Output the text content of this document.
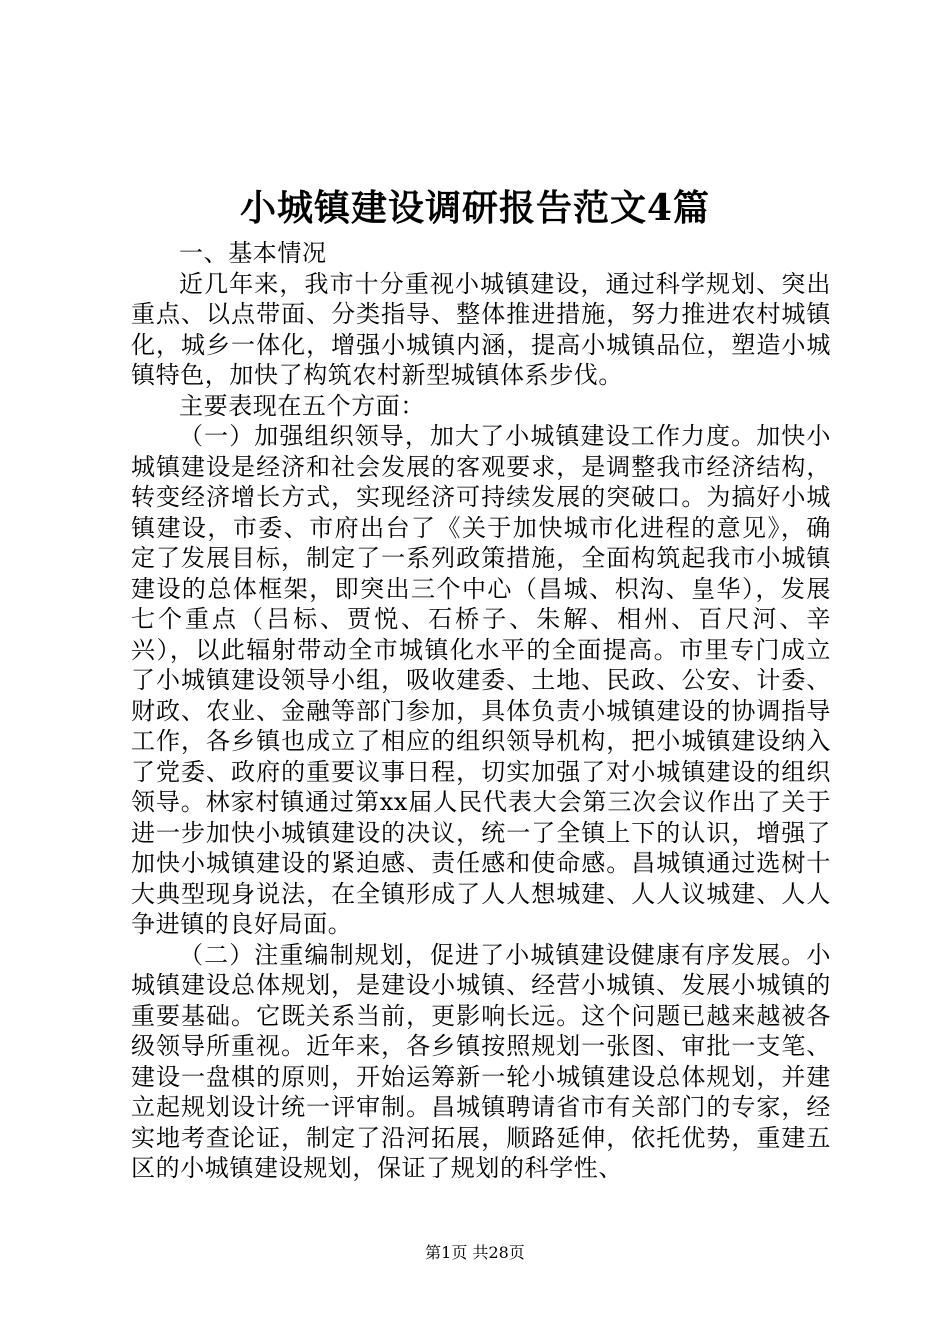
小城镇建设调研报告范文4篇

一、基本情况

近几年来，我市十分重视小城镇建设，通过科学规划、突出重点、以点带面、分类指导、整体推进措施，努力推进农村城镇化，城乡一体化，增强小城镇内涵，提高小城镇品位，塑造小城镇特色，加快了构筑农村新型城镇体系步伐。

主要表现在五个方面：

（一）加强组织领导，加大了小城镇建设工作力度。加快小城镇建设是经济和社会发展的客观要求，是调整我市经济结构，转变经济增长方式，实现经济可持续发展的突破口。为搞好小城镇建设，市委、市府出台了《关于加快城市化进程的意见》，确定了发展目标，制定了一系列政策措施，全面构筑起我市小城镇建设的总体框架，即突出三个中心（昌城、枳沟、皇华），发展七个重点（吕标、贾悦、石桥子、朱解、相州、百尺河、辛兴），以此辐射带动全市城镇化水平的全面提高。市里专门成立了小城镇建设领导小组，吸收建委、土地、民政、公安、计委、财政、农业、金融等部门参加，具体负责小城镇建设的协调指导工作，各乡镇也成立了相应的组织领导机构，把小城镇建设纳入了党委、政府的重要议事日程，切实加强了对小城镇建设的组织领导。林家村镇通过第xx届人民代表大会第三次会议作出了关于进一步加快小城镇建设的决议，统一了全镇上下的认识，增强了加快小城镇建设的紧迫感、责任感和使命感。昌城镇通过选树十大典型现身说法，在全镇形成了人人想城建、人人议城建、人人争进镇的良好局面。

（二）注重编制规划，促进了小城镇建设健康有序发展。小城镇建设总体规划，是建设小城镇、经营小城镇、发展小城镇的重要基础。它既关系当前，更影响长远。这个问题已越来越被各级领导所重视。近年来，各乡镇按照规划一张图、审批一支笔、建设一盘棋的原则，开始运筹新一轮小城镇建设总体规划，并建立起规划设计统一评审制。昌城镇聘请省市有关部门的专家，经实地考查论证，制定了沿河拓展，顺路延伸，依托优势，重建五区的小城镇建设规划，保证了规划的科学性、

第1页 共28页
